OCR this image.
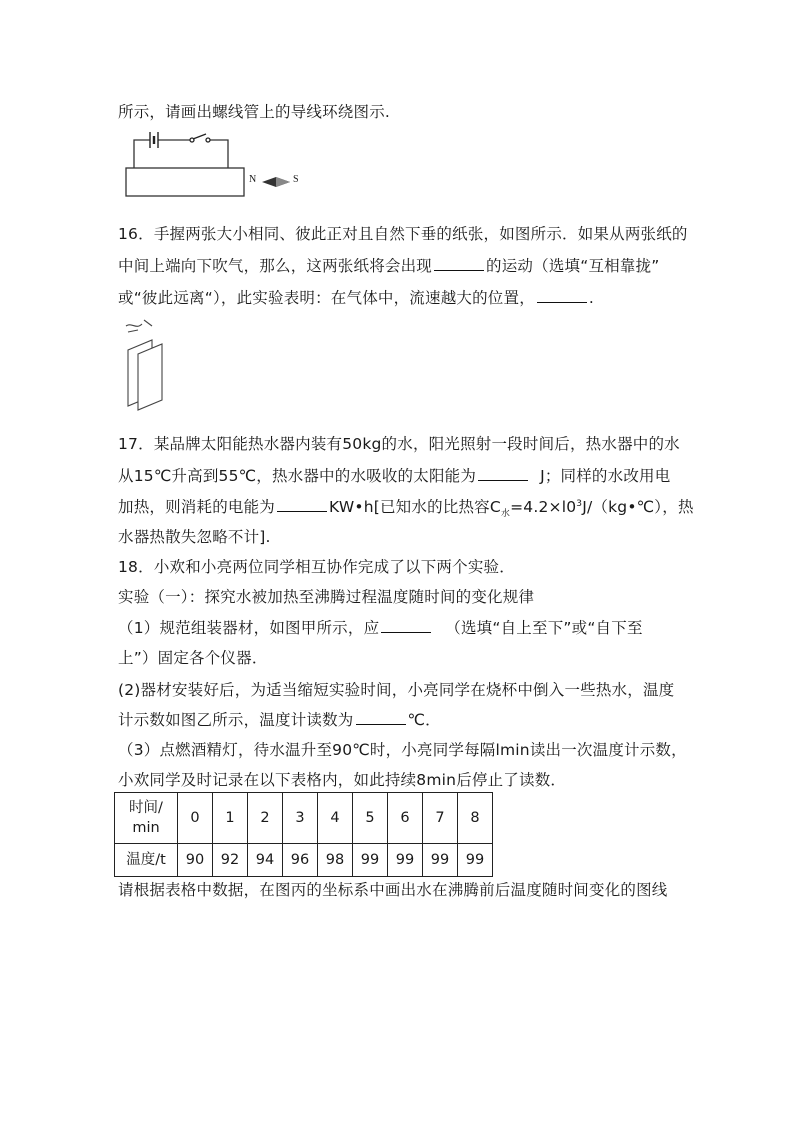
所示，请画出螺线管上的导线环绕图示.
N	S
16．手握两张大小相同、彼此正对且自然下垂的纸张，如图所示．如果从两张纸的
中间上端向下吹气，那么，这两张纸将会出现	的运动（选填“互相靠拢”
或“彼此远离“），此实验表明：在气体中，流速越大的位置，	.
17．某品牌太阳能热水器内装有50kg的水，阳光照射一段时间后，热水器中的水
从15℃升高到55℃，热水器中的水吸收的太阳能为	J；同样的水改用电
加热，则消耗的电能为	KW•h[已知水的比热容$C_水=4.2\times l0^3J/(kg•℃)$，热
水器热散失忽略不计].
18．小欢和小亮两位同学相互协作完成了以下两个实验．
实验（一）：探究水被加热至沸腾过程温度随时间的变化规律
（1）规范组装器材，如图甲所示，应	（选填“自上至下”或“自下至
上”）固定各个仪器．
(2)器材安装好后，为适当缩短实验时间，小亮同学在烧杯中倒入一些热水，温度
计示数如图乙所示，温度计读数为	℃．
（3）点燃酒精灯，待水温升至90℃时，小亮同学每隔lmin读出一次温度计示数，
小欢同学及时记录在以下表格内，如此持续8min后停止了读数．
时间/
min	0	1	2	3	4	5	6	7	8
温度/t	90	92	94	96	98	99	99	99	99
请根据表格中数据，在图丙的坐标系中画出水在沸腾前后温度随时间变化的图线
